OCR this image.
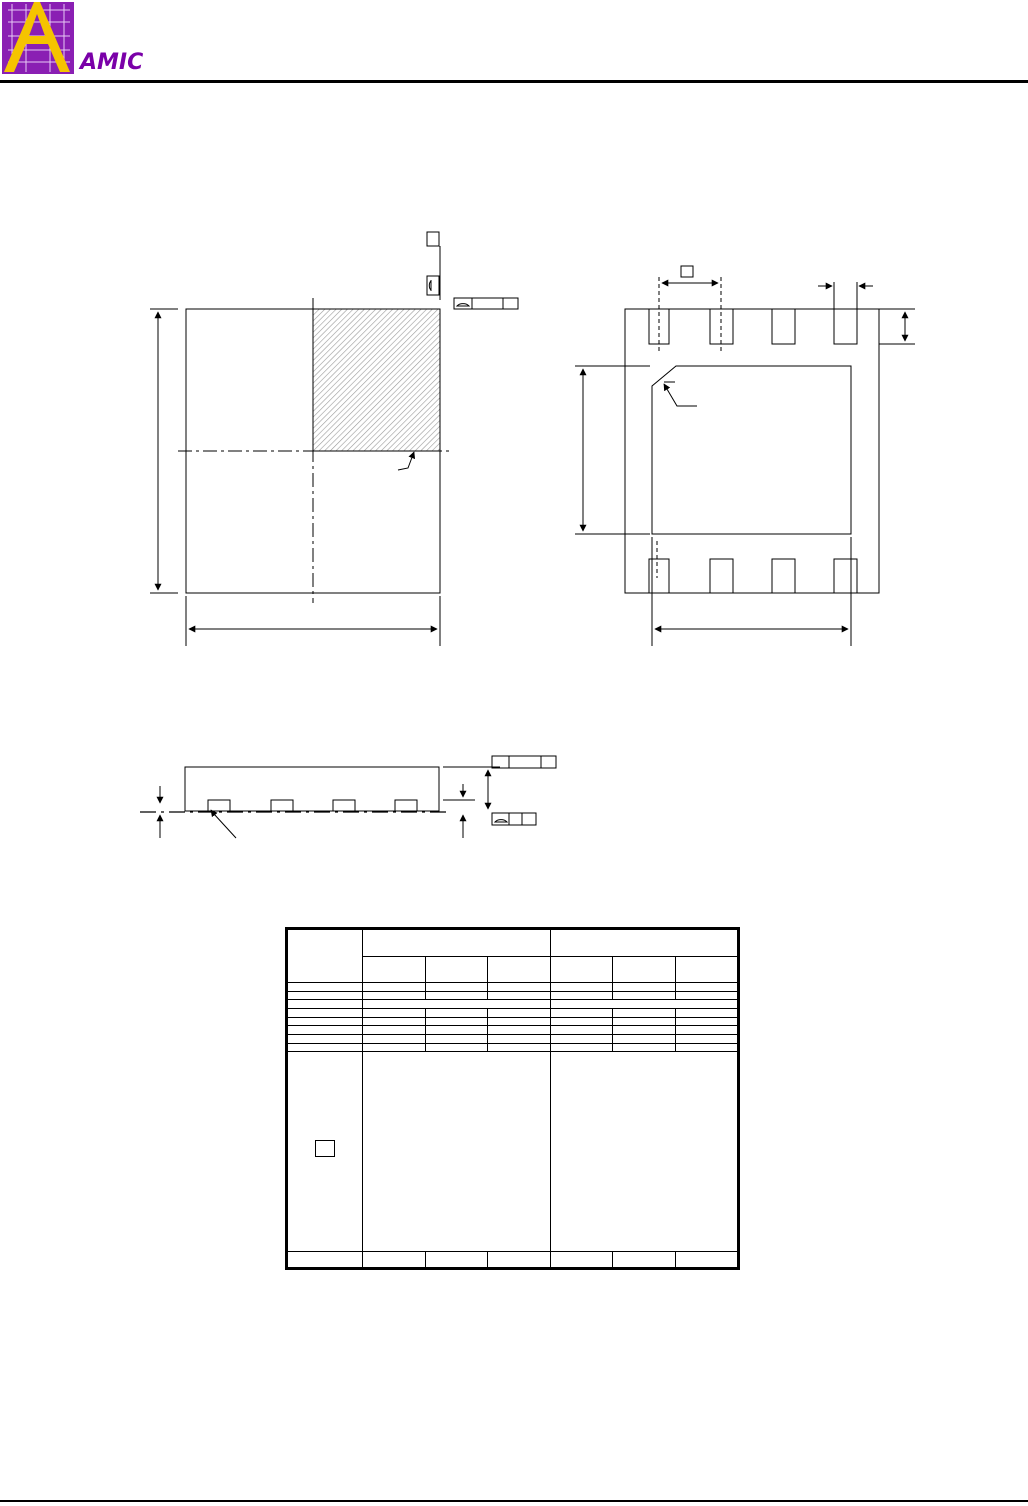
AMIC
